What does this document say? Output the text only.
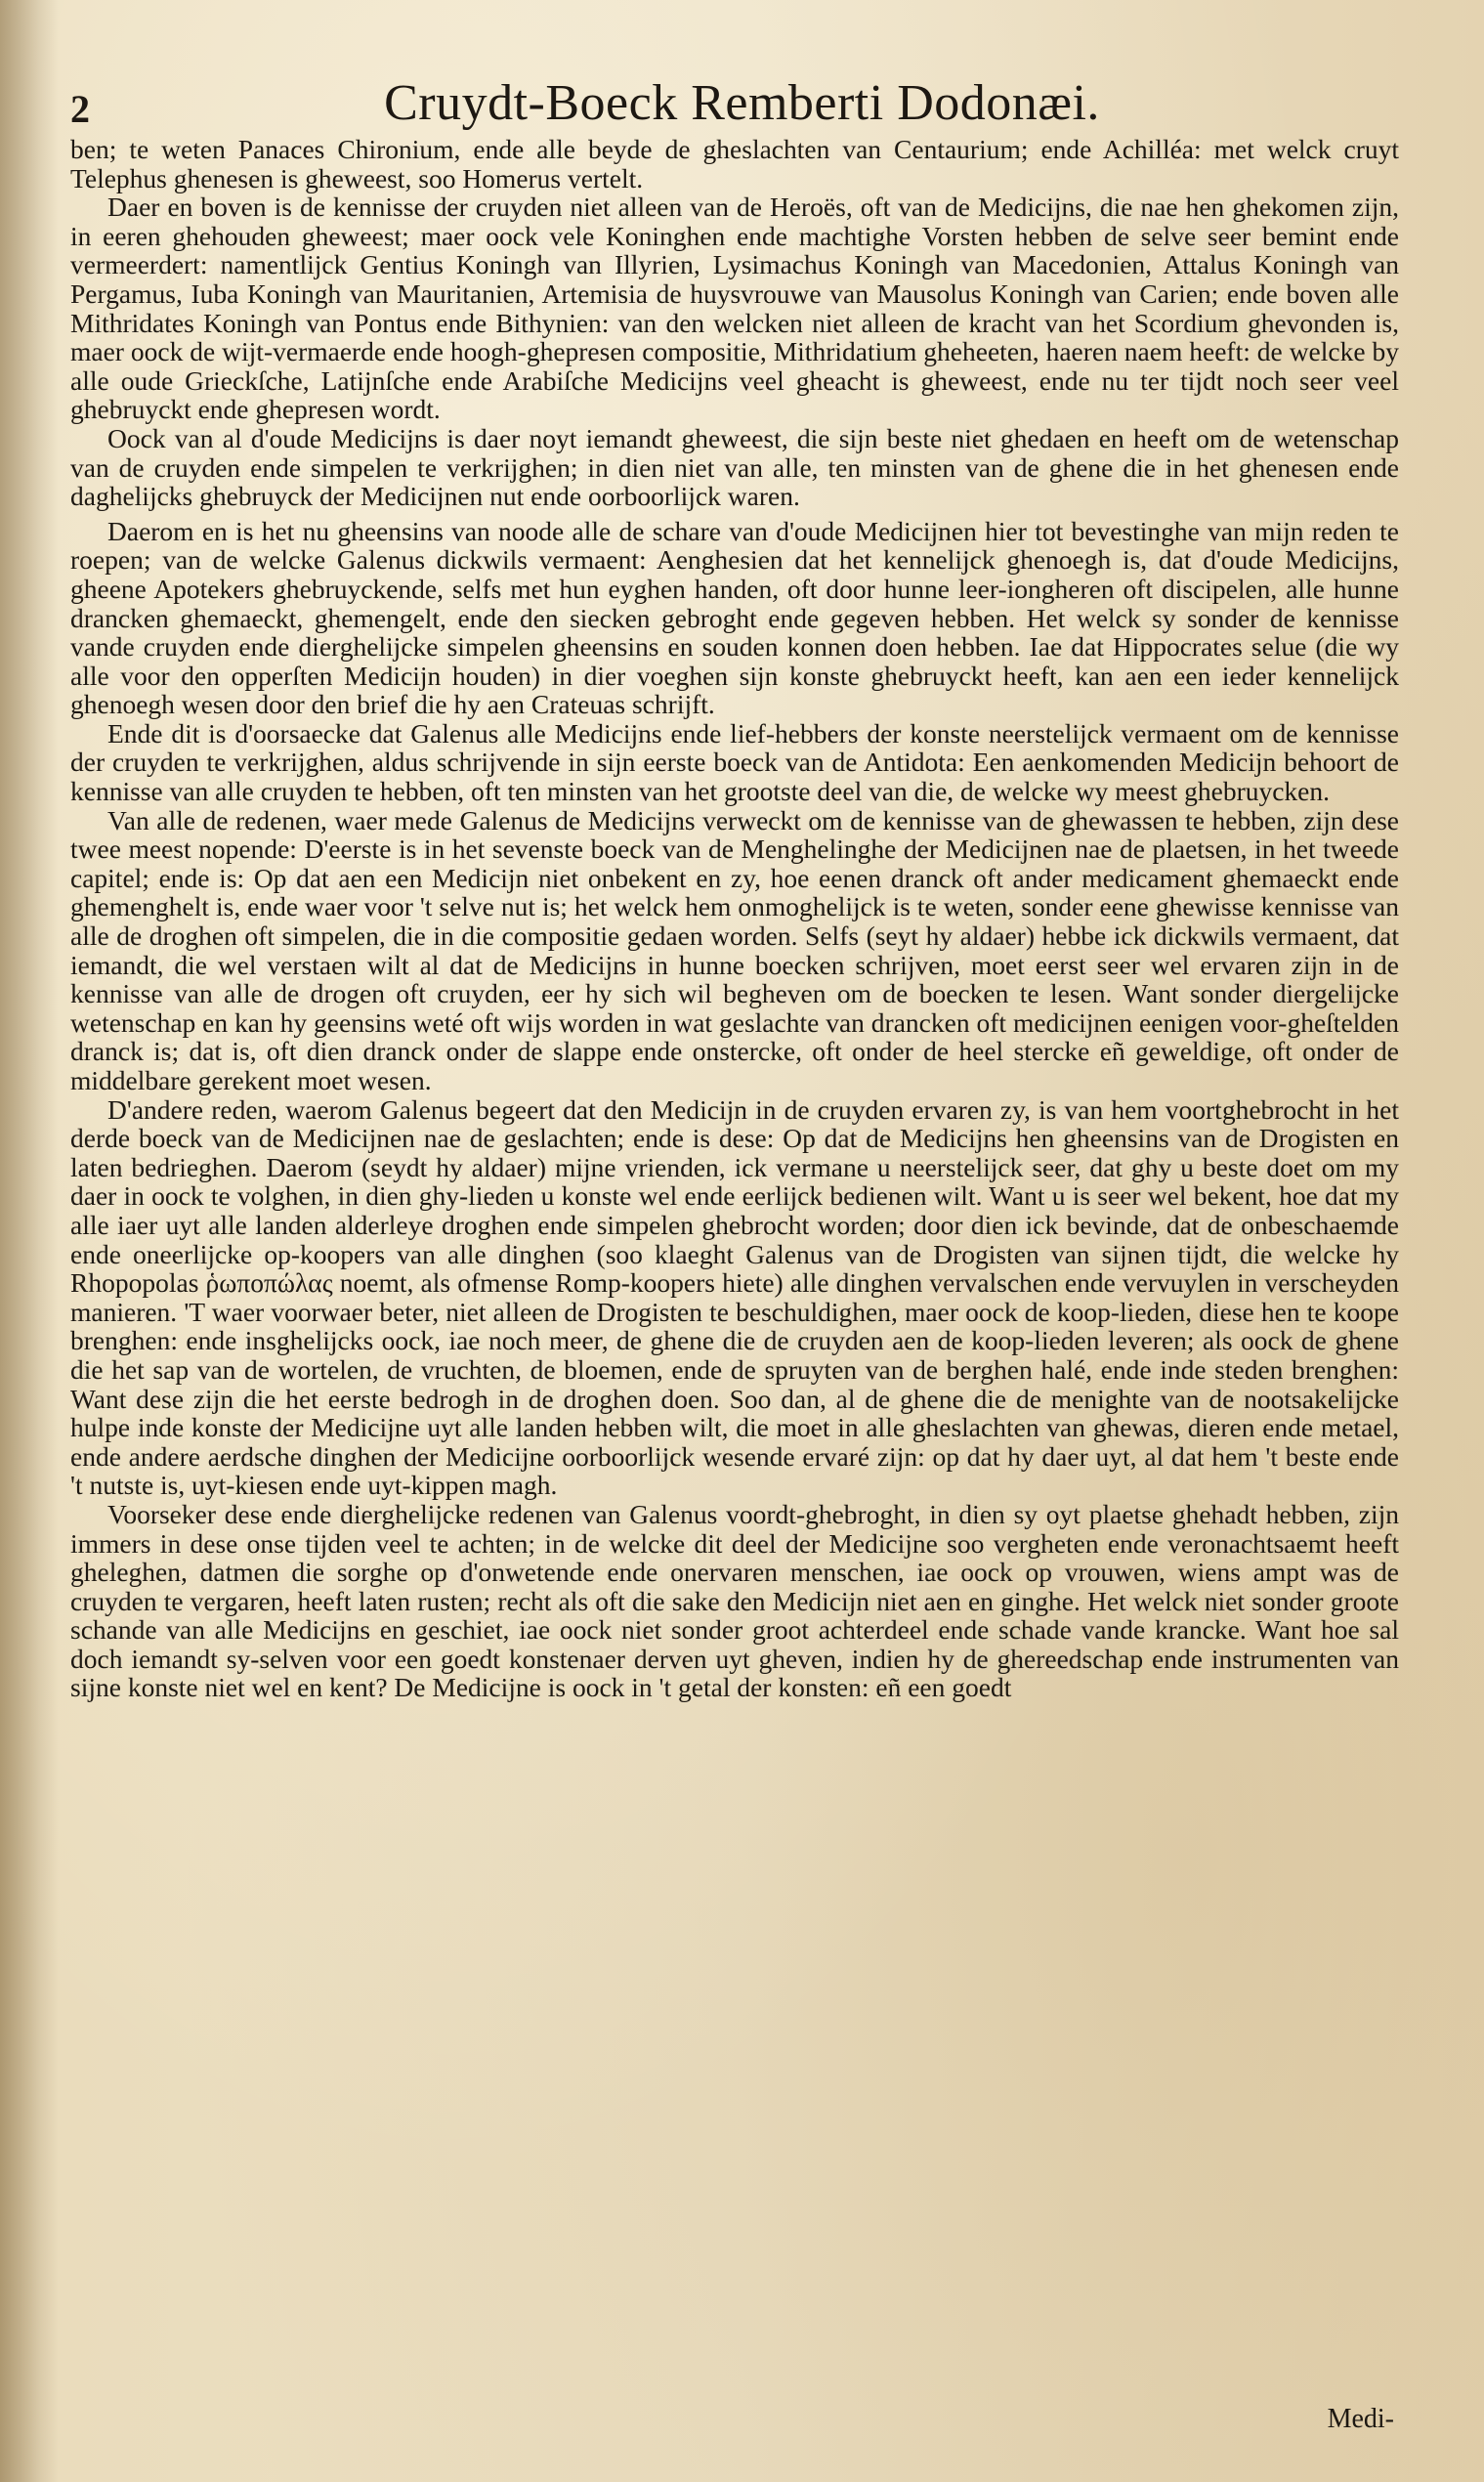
2	Cruydt-Boeck Remberti Dodonæi.

ben; te weten Panaces Chironium, ende alle beyde de gheslachten van Centaurium; ende Achilléa: met welck cruyt Telephus ghenesen is gheweest, soo Homerus vertelt.

Daer en boven is de kennisse der cruyden niet alleen van de Heroës, oft van de Medicijns, die nae hen ghekomen zijn, in eeren ghehouden gheweest; maer oock vele Koninghen ende machtighe Vorsten hebben de selve seer bemint ende vermeerdert: namentlijck Gentius Koningh van Illyrien, Lysimachus Koningh van Macedonien, Attalus Koningh van Pergamus, Iuba Koningh van Mauritanien, Artemisia de huysvrouwe van Mausolus Koningh van Carien; ende boven alle Mithridates Koningh van Pontus ende Bithynien: van den welcken niet alleen de kracht van het Scordium ghevonden is, maer oock de wijt-vermaerde ende hoogh-ghepresen compositie, Mithridatium gheheeten, haeren naem heeft: de welcke by alle oude Grieckſche, Latijnſche ende Arabiſche Medicijns veel gheacht is gheweest, ende nu ter tijdt noch seer veel ghebruyckt ende ghepresen wordt.

Oock van al d'oude Medicijns is daer noyt iemandt gheweest, die sijn beste niet ghedaen en heeft om de wetenschap van de cruyden ende simpelen te verkrijghen; in dien niet van alle, ten minsten van de ghene die in het ghenesen ende daghelijcks ghebruyck der Medicijnen nut ende oorboorlijck waren.

Daerom en is het nu gheensins van noode alle de schare van d'oude Medicijnen hier tot bevestinghe van mijn reden te roepen; van de welcke Galenus dickwils vermaent: Aenghesien dat het kennelijck ghenoegh is, dat d'oude Medicijns, gheene Apotekers ghebruyckende, selfs met hun eyghen handen, oft door hunne leer-iongheren oft discipelen, alle hunne drancken ghemaeckt, ghemengelt, ende den siecken gebroght ende gegeven hebben. Het welck sy sonder de kennisse vande cruyden ende dierghelijcke simpelen gheensins en souden konnen doen hebben. Iae dat Hippocrates selue (die wy alle voor den opperſten Medicijn houden) in dier voeghen sijn konste ghebruyckt heeft, kan aen een ieder kennelijck ghenoegh wesen door den brief die hy aen Crateuas schrijft.

Ende dit is d'oorsaecke dat Galenus alle Medicijns ende lief-hebbers der konste neerstelijck vermaent om de kennisse der cruyden te verkrijghen, aldus schrijvende in sijn eerste boeck van de Antidota: Een aenkomenden Medicijn behoort de kennisse van alle cruyden te hebben, oft ten minsten van het grootste deel van die, de welcke wy meest ghebruycken.

Van alle de redenen, waer mede Galenus de Medicijns verweckt om de kennisse van de ghewassen te hebben, zijn dese twee meest nopende: D'eerste is in het sevenste boeck van de Menghelinghe der Medicijnen nae de plaetsen, in het tweede capitel; ende is: Op dat aen een Medicijn niet onbekent en zy, hoe eenen dranck oft ander medicament ghemaeckt ende ghemenghelt is, ende waer voor 't selve nut is; het welck hem onmoghelijck is te weten, sonder eene ghewisse kennisse van alle de droghen oft simpelen, die in die compositie gedaen worden. Selfs (seyt hy aldaer) hebbe ick dickwils vermaent, dat iemandt, die wel verstaen wilt al dat de Medicijns in hunne boecken schrijven, moet eerst seer wel ervaren zijn in de kennisse van alle de drogen oft cruyden, eer hy sich wil begheven om de boecken te lesen. Want sonder diergelijcke wetenschap en kan hy geensins weté oft wijs worden in wat geslachte van drancken oft medicijnen eenigen voor-gheſtelden dranck is; dat is, oft dien dranck onder de slappe ende onstercke, oft onder de heel stercke eñ geweldige, oft onder de middelbare gerekent moet wesen.

D'andere reden, waerom Galenus begeert dat den Medicijn in de cruyden ervaren zy, is van hem voortghebrocht in het derde boeck van de Medicijnen nae de geslachten; ende is dese: Op dat de Medicijns hen gheensins van de Drogisten en laten bedrieghen. Daerom (seydt hy aldaer) mijne vrienden, ick vermane u neerstelijck seer, dat ghy u beste doet om my daer in oock te volghen, in dien ghy-lieden u konste wel ende eerlijck bedienen wilt. Want u is seer wel bekent, hoe dat my alle iaer uyt alle landen alderleye droghen ende simpelen ghebrocht worden; door dien ick bevinde, dat de onbeschaemde ende oneerlijcke op-koopers van alle dinghen (soo klaeght Galenus van de Drogisten van sijnen tijdt, die welcke hy Rhopopolas ῥωποπώλας noemt, als ofmense Romp-koopers hiete) alle dinghen vervalschen ende vervuylen in verscheyden manieren. 'T waer voorwaer beter, niet alleen de Drogisten te beschuldighen, maer oock de koop-lieden, diese hen te koope brenghen: ende insghelijcks oock, iae noch meer, de ghene die de cruyden aen de koop-lieden leveren; als oock de ghene die het sap van de wortelen, de vruchten, de bloemen, ende de spruyten van de berghen halé, ende inde steden brenghen: Want dese zijn die het eerste bedrogh in de droghen doen. Soo dan, al de ghene die de menighte van de nootsakelijcke hulpe inde konste der Medicijne uyt alle landen hebben wilt, die moet in alle gheslachten van ghewas, dieren ende metael, ende andere aerdsche dinghen der Medicijne oorboorlijck wesende ervaré zijn: op dat hy daer uyt, al dat hem 't beste ende 't nutste is, uyt-kiesen ende uyt-kippen magh.

Voorseker dese ende dierghelijcke redenen van Galenus voordt-ghebroght, in dien sy oyt plaetse ghehadt hebben, zijn immers in dese onse tijden veel te achten; in de welcke dit deel der Medicijne soo vergheten ende veronachtsaemt heeft gheleghen, datmen die sorghe op d'onwetende ende onervaren menschen, iae oock op vrouwen, wiens ampt was de cruyden te vergaren, heeft laten rusten; recht als oft die sake den Medicijn niet aen en ginghe. Het welck niet sonder groote schande van alle Medicijns en geschiet, iae oock niet sonder groot achterdeel ende schade vande krancke. Want hoe sal doch iemandt sy-selven voor een goedt konstenaer derven uyt gheven, indien hy de ghereedschap ende instrumenten van sijne konste niet wel en kent? De Medicijne is oock in 't getal der konsten: eñ een goedt

Medi-
